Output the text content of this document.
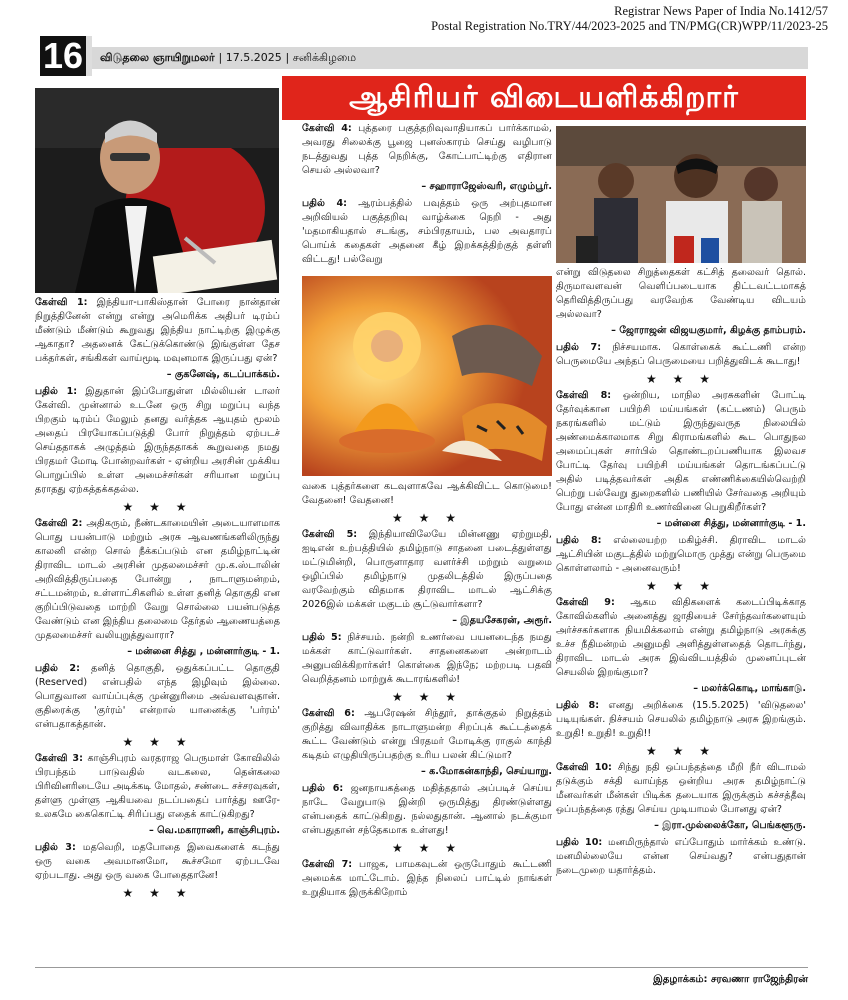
Registrar News Paper of India No.1412/57
Postal Registration No.TRY/44/2023-2025 and TN/PMG(CR)WPP/11/2023-25
16	விடுதலை ஞாயிறுமலர் | 17.5.2025 | சனிக்கிழமை
ஆசிரியர் விடையளிக்கிறார்

கேள்வி 1: இந்தியா-பாகிஸ்தான் போரை நான்தான் நிறுத்தினேன் என்று என்று அமெரிக்க அதிபர் டிரம்ப் மீண்டும் மீண்டும் கூறுவது இந்திய நாட்டிற்கு இழுக்கு ஆகாதா? அதனைக் கேட்டுக்கொண்டு இங்குள்ள தேச பக்தர்கள், சங்கிகள் வாய்மூடி மவுனமாக இருப்பது ஏன்?

– குகனேஷ், கடப்பாக்கம்.

பதில் 1: இதுதான் இப்போதுள்ள மில்லியன் டாலர் கேள்வி. முன்னால் உடனே ஒரு சிறு மறுப்பு வந்த பிறகும் டிரம்ப் மேலும் தனது வர்த்தக ஆயுதம் மூலம் அதைப் பிரயோகப்படுத்தி போர் நிறுத்தம் ஏற்படச் செய்ததாகக் அழுத்தம் இருந்ததாகக் கூறுவதை நமது பிரதமர் மோடி போன்றவர்கள் - ஏன்றிய அரசின் முக்கிய பொறுப்பில் உள்ள அமைச்சர்கள் சரியான மறுப்பு தராதது ஏற்கத்தக்கதல்ல.

★ ★ ★

கேள்வி 2: அதிகரும், நீண்டகாமையின் அடையாளமாக பொது பயன்பாடு மற்றும் அரசு ஆவணங்களிலிருந்து காலனி என்ற சொல் நீக்கப்படும் என தமிழ்நாட்டின் திராவிட மாடல் அரசின் முதலமைச்சர் மு.க.ஸ்டாலின் அறிவித்திருப்பதை போன்று , நாடாளுமன்றம், சட்டமன்றம், உள்ளாட்சிகளில் உள்ள தனித் தொகுதி என குறிப்பிடுவதை மாற்றி வேறு சொல்லை பயன்படுத்த வேண்டும் என இந்திய தலைமை தேர்தல் ஆணையத்தை முதலமைச்சர் வலியுறுத்துவாரா?

– மன்னை சித்து , மன்னார்குடி - 1.

பதில் 2: தனித் தொகுதி, ஒதுக்கப்பட்ட தொகுதி (Reserved) என்பதில் எந்த இழிவும் இல்லை. பொதுவான வாய்ப்புக்கு முன்னுரிமை அவ்வளவுதான். குதிரைக்கு 'குர்ரம்' என்றால் யானைக்கு 'பர்ரம்' என்பதாகத்தான்.

★ ★ ★

கேள்வி 3: காஞ்சிபுரம் வரதராஜ பெருமாள் கோவிலில் பிரபந்தம் பாடுவதில் வடகலை, தென்கலை பிரிவினரிடையே அடிக்கடி மோதல், சண்டை சச்சரவுகள், தள்ளு முள்ளு ஆகியவை நடப்பதைப் பார்த்து ஊரே- உலகமே கைகொட்டி சிரிப்பது எதைக் காட்டுகிறது?

– வெ.மகாராணி, காஞ்சிபுரம்.

பதில் 3: மதவெறி, மதபோதை இவைகளைக் கடந்து ஒரு வகை அவமானமோ, கூச்சமோ ஏற்படவே ஏற்படாது. அது ஒரு வகை போதைதானே!

★ ★ ★

கேள்வி 4: புத்தரை பகுத்தறிவுவாதியாகப் பார்க்காமல், அவரது சிலைக்கு பூஜை புனஸ்காரம் செய்து வழிபாடு நடத்துவது புத்த நெறிக்கு, கோட்பாட்டிற்கு எதிரான செயல் அல்லவா?

– சஹாராஜேஸ்வரி, எழும்பூர்.

பதில் 4: ஆரம்பத்தில் பவுத்தம் ஒரு அற்புதமான அறிவியல் பகுத்தறிவு வாழ்க்கை நெறி - அது 'மதமாகியதால் சடங்கு, சம்பிரதாயம், பல அவதாரப் பொய்க் கதைகள் அதனை கீழ் இறக்கத்திற்குத் தள்ளி விட்டது! பல்வேறு

வகை புத்தர்களை கடவுளாகவே ஆக்கிவிட்ட கொடுமை! வேதனை! வேதனை!

★ ★ ★

கேள்வி 5: இந்தியாவிலேயே மின்னணு ஏற்றுமதி, ஐடிஎன் உற்பத்தியில் தமிழ்நாடு சாதனை படைத்துள்ளது மட்டுமின்றி, பொருளாதார வளர்ச்சி மற்றும் வறுமை ஒழிப்பில் தமிழ்நாடு முதலிடத்தில் இருப்பதை வரவேற்கும் விதமாக திராவிட மாடல் ஆட்சிக்கு 2026இல் மக்கள் மகுடம் சூட்டுவார்களா?

– இதயசேகரன், அரூர்.

பதில் 5: நிச்சயம். நன்றி உணர்வை பயனடைந்த நமது மக்கள் காட்டுவார்கள். சாதனைகளை அன்றாடம் அனுபவிக்கிறார்கள்! கொள்கை இந்நே; மற்றபடி பதவி வெறித்தனம் மாற்றுக் கூடாரங்களில்!

★ ★ ★

கேள்வி 6: ஆபரேஷன் சிந்தூர், தாக்குதல் நிறுத்தம் குறித்து விவாதிக்க நாடாளுமன்ற சிறப்புக் கூட்டத்தைக் கூட்ட வேண்டும் என்று பிரதமர் மோடிக்கு ராகுல் காந்தி கடிதம் எழுதியிருப்பதற்கு உரிய பலன் கிட்டுமா?

– க.மோகன்காந்தி, செய்யாறு.

பதில் 6: ஜனநாயகத்தை மதித்ததால் அப்படிச் செய்ய நாடே வேறுபாடு இன்றி ஒருமித்து திரண்டுள்ளது என்பதைக் காட்டுகிறது. நல்லதுதான். ஆனால் நடக்குமா என்பதுதான் சந்தேகமாக உள்ளது!

★ ★ ★

கேள்வி 7: பாஜக, பாமகவுடன் ஒருபோதும் கூட்டணி அமைக்க மாட்டோம். இந்த நிலைப் பாட்டில் நாங்கள் உறுதியாக இருக்கிறோம்

என்று விடுதலை சிறுத்தைகள் கட்சித் தலைவர் தொல். திருமாவளவன் வெளிப்படையாக திட்டவட்டமாகத் தெரிவித்திருப்பது வரவேற்க வேண்டிய விடயம் அல்லவா?

– ஜோராஜன் விஜயகுமார், கிழக்கு தாம்பரம்.

பதில் 7: நிச்சயமாக. கொள்கைக் கூட்டணி என்ற பெருமையே அந்தப் பெருமையை பறித்துவிடக் கூடாது!

★ ★ ★

கேள்வி 8: ஒன்றிய, மாநில அரசுகளின் போட்டி தேர்வுக்கான பயிற்சி மய்யங்கள் (கட்டணம்) பெரும் நகரங்களில் மட்டும் இருந்துவருத நிலையில் அண்மைக்காலமாக சிறு கிராமங்களில் கூட பொதுநல அமைப்புகள் சார்பில் தொண்டறப்பணியாக இலவச போட்டி தேர்வு பயிற்சி மய்யங்கள் தொடங்கப்பட்டு அதில் படித்தவர்கள் அதிக எண்ணிக்கையில்வெற்றி பெற்று பல்வேறு துறைகளில் பணியில் சேர்வதை அறியும் போது என்ன மாதிரி உணர்வினை பெறுகிறீர்கள்?

– மன்னை சித்து, மன்னார்குடி - 1.

பதில் 8: எல்லையற்ற மகிழ்ச்சி. திராவிட மாடல் ஆட்சியின் மகுடத்தில் மற்றுமொரு முத்து என்று பெருமை கொள்ளலாம் - அனைவரும்!

★ ★ ★

கேள்வி 9: ஆகம விதிகளைக் கடைப்பிடிக்காத கோவில்களில் அனைத்து ஜாதியைச் சேர்ந்தவர்களையும் அர்ச்சகர்களாக நியமிக்கலாம் என்று தமிழ்நாடு அரசுக்கு உச்ச நீதிமன்றம் அனுமதி அளித்துள்ளதைத் தொடர்ந்து, திராவிட மாடல் அரசு இவ்விடயத்தில் முனைப்புடன் செயலில் இறங்குமா?

– மலர்க்கொடி, மாங்காடு.

பதில் 8: எனது அறிக்கை (15.5.2025) 'விடுதலை' படியுங்கள். நிச்சயம் செயலில் தமிழ்நாடு அரசு இறங்கும். உறுதி! உறுதி! உறுதி!!

★ ★ ★

கேள்வி 10: சிந்து நதி ஒப்பந்தத்தை மீறி நீர் விடாமல் தடுக்கும் சக்தி வாய்ந்த ஒன்றிய அரசு தமிழ்நாட்டு மீனவர்கள் மீன்கள் பிடிக்க தடையாக இருக்கும் கச்சத்தீவு ஒப்பந்தத்தை ரத்து செய்ய முடியாமல் போனது ஏன்?

– இரா.முல்லைக்கோ, பெங்களூரு.

பதில் 10: மனமிருந்தால் எப்போதும் மார்க்கம் உண்டு. மனமில்லையே என்ன செய்வது? என்பதுதான் நடைமுறை யதார்த்தம்.

இதழாக்கம்: சரவணா ராஜேந்திரன்
